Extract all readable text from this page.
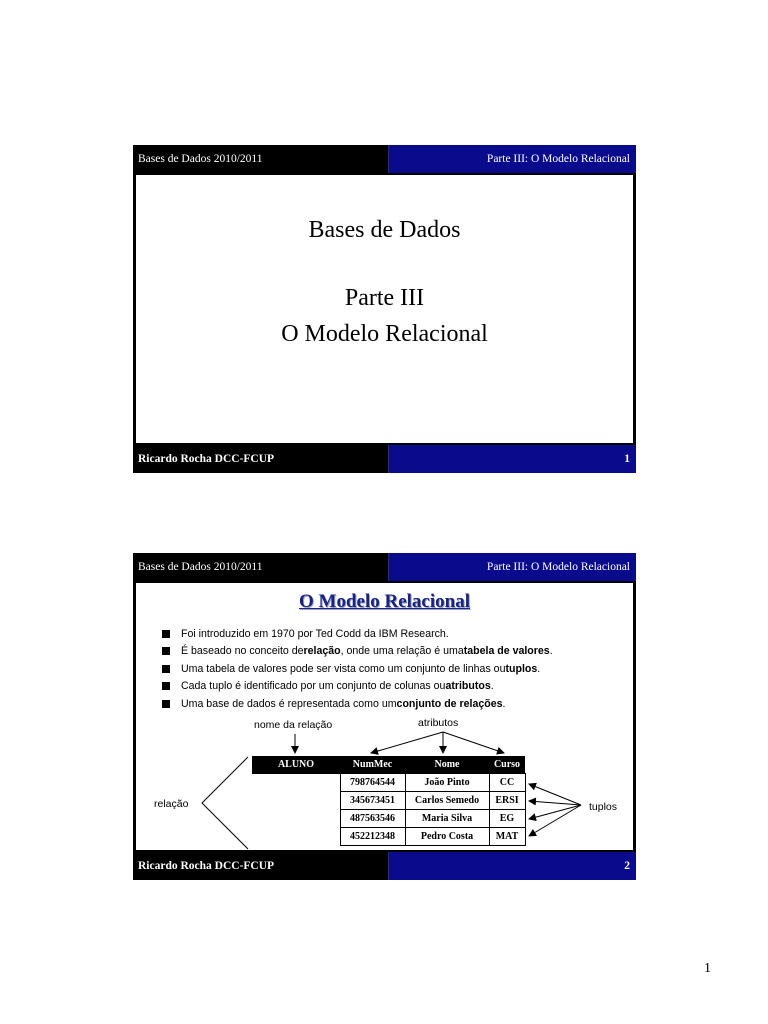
Bases de Dados 2010/2011	Parte III: O Modelo Relacional
Bases de Dados
Parte III
O Modelo Relacional
Ricardo Rocha DCC-FCUP	1
Bases de Dados 2010/2011	Parte III: O Modelo Relacional
O Modelo Relacional
Foi introduzido em 1970 por Ted Codd da IBM Research.
É baseado no conceito de relação , onde uma relação é uma tabela de valores .
Uma tabela de valores pode ser vista como um conjunto de linhas ou tuplos .
Cada tuplo é identificado por um conjunto de colunas ou atributos .
Uma base de dados é representada como um conjunto de relações .
nome da relação	atributos
relação	tuplos
ALUNO	NumMec	Nome	Curso
	798764544	João Pinto	CC
	345673451	Carlos Semedo	ERSI
	487563546	Maria Silva	EG
	452212348	Pedro Costa	MAT
Ricardo Rocha DCC-FCUP	2
1
